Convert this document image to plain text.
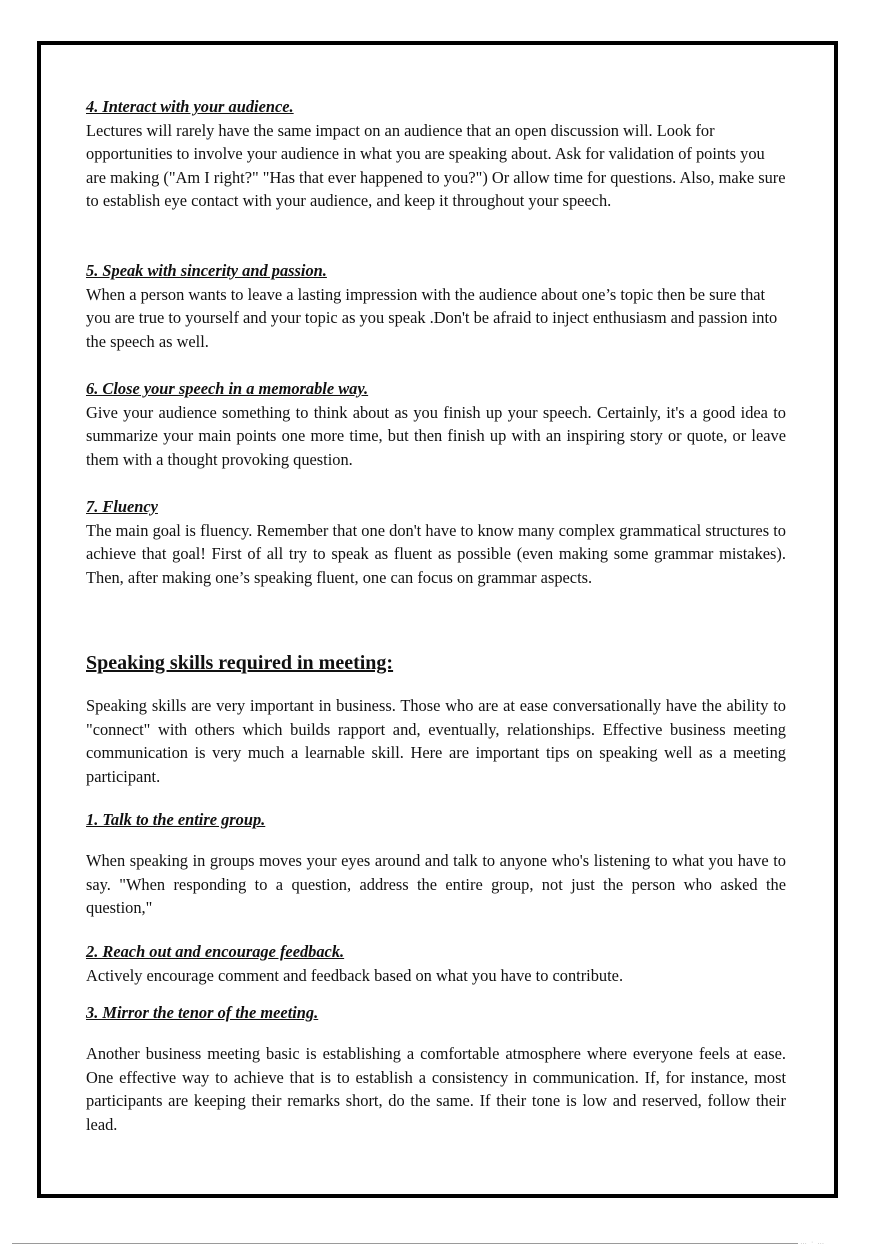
4. Interact with your audience.

Lectures will rarely have the same impact on an audience that an open discussion will. Look for opportunities to involve your audience in what you are speaking about. Ask for validation of points you are making ("Am I right?" "Has that ever happened to you?") Or allow time for questions. Also, make sure to establish eye contact with your audience, and keep it throughout your speech.

5. Speak with sincerity and passion.

When a person wants to leave a lasting impression with the audience about one’s topic then be sure that you are true to yourself and your topic as you speak .Don't be afraid to inject enthusiasm and passion into the speech as well.

6. Close your speech in a memorable way.

Give your audience something to think about as you finish up your speech. Certainly, it's a good idea to summarize your main points one more time, but then finish up with an inspiring story or quote, or leave them with a thought provoking question.

7. Fluency

The main goal is fluency. Remember that one don't have to know many complex grammatical structures to achieve that goal! First of all try to speak as fluent as possible (even making some grammar mistakes). Then, after making one’s speaking fluent, one can focus on grammar aspects.

Speaking skills required in meeting:

Speaking skills are very important in business. Those who are at ease conversationally have the ability to "connect" with others which builds rapport and, eventually, relationships. Effective business meeting communication is very much a learnable skill. Here are important tips on speaking well as a meeting participant.

1. Talk to the entire group.

When speaking in groups moves your eyes around and talk to anyone who's listening to what you have to say. "When responding to a question, address the entire group, not just the person who asked the question,"

2. Reach out and encourage feedback.

Actively encourage comment and feedback based on what you have to contribute.

3. Mirror the tenor of the meeting.

Another business meeting basic is establishing a comfortable atmosphere where everyone feels at ease. One effective way to achieve that is to establish a consistency in communication. If, for instance, most participants are keeping their remarks short, do the same. If their tone is low and reserved, follow their lead.

… · …
